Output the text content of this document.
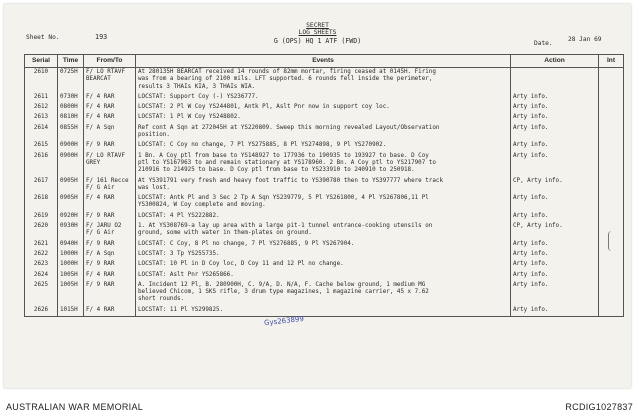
Sheet No.	193
SECRET
LOG SHEETS
G (OPS) HQ 1 ATF (FWD)	Date.
28 Jan 69
Serial	Time	From/To	Events	Action	Int
2610	0725H	F/ LO RTAVF
BEARCAT	At 280135H BEARCAT received 14 rounds of 82mm mortar, firing ceased at 0145H. Firing
was from a bearing of 2100 mils. LFT supported. 6 rounds fell inside the perimeter,
results 3 THAIs KIA, 3 THAIs WIA.		
2611	0730H	F/ 4 RAR	LOCSTAT: Support Coy (-) YS236777.	Arty info.	
2612	0800H	F/ 4 RAR	LOCSTAT: 2 Pl W Coy YS244801, Antk Pl, Aslt Pnr now in support coy loc.	Arty info.	
2613	0810H	F/ 4 RAR	LOCSTAT: 1 Pl W Coy YS248802.	Arty info.	
2614	0855H	F/ A Sqn	Ref cont A Sqn at 272045H at YS220809. Sweep this morning revealed Layout/Observation
position.	Arty info.	
2615	0900H	F/ 9 RAR	LOCSTAT: C Coy no change, 7 Pl YS275885, 8 Pl YS274898, 9 Pl YS270902.	Arty info.	
2616	0900H	F/ LO RTAVF
GREY	1 Bn. A Coy ptl from base to YS148927 to 177936 to 190935 to 193927 to base. D Coy
ptl to YS167963 to and remain stationary at YS178960. 2 Bn. A Coy ptl to YS217907 to
210916 to 214925 to base. D Coy ptl from base to YS233910 to 240910 to 250918.	Arty info.	
2617	0905H	F/ 161 Recce
F/ G Air	At YS391791 very fresh and heavy foot traffic to YS390780 then to YS397777 where track
was lost.	CP, Arty info.	
2618	0905H	F/ 4 RAR	LOCSTAT: Antk Pl and 3 Sec 2 Tp A Sqn YS239779, 5 Pl YS261800, 4 Pl YS267806,11 Pl
YS300824, W Coy complete and moving.	Arty info.	
2619	0920H	F/ 9 RAR	LOCSTAT: 4 Pl YS222882.	Arty info.	
2620	0930H	F/ JARU O2
F/ G Air	1. At YS308769-a lay up area with a large pit-1 tunnel entrance-cooking utensils on
ground, some with water in them-plates on ground.	CP, Arty info.	
2621	0940H	F/ 9 RAR	LOCSTAT: C Coy, 8 Pl no change, 7 Pl YS276885, 9 Pl YS267904.	Arty info.	
2622	1000H	F/ A Sqn	LOCSTAT: 3 Tp YS255735.	Arty info.	
2623	1000H	F/ 9 RAR	LOCSTAT: 10 Pl in D Coy loc, D Coy 11 and 12 Pl no change.	Arty info.	
2624	1005H	F/ 4 RAR	LOCSTAT: Aslt Pnr YS265866.	Arty info.	
2625	1005H	F/ 9 RAR	A. Incident 12 Pl, B. 280900H, C. 9/A, D. N/A, F. Cache below ground, 1 medium MG
believed Chicom, 1 SKS rifle, 3 drum type magazines, 1 magazine carrier, 45 x 7.62
short rounds.	Arty info.	
2626	1015H	F/ 4 RAR	LOCSTAT: 11 Pl YS299825.	Arty info.	
Gys263899
AUSTRALIAN WAR MEMORIAL	RCDIG1027837
